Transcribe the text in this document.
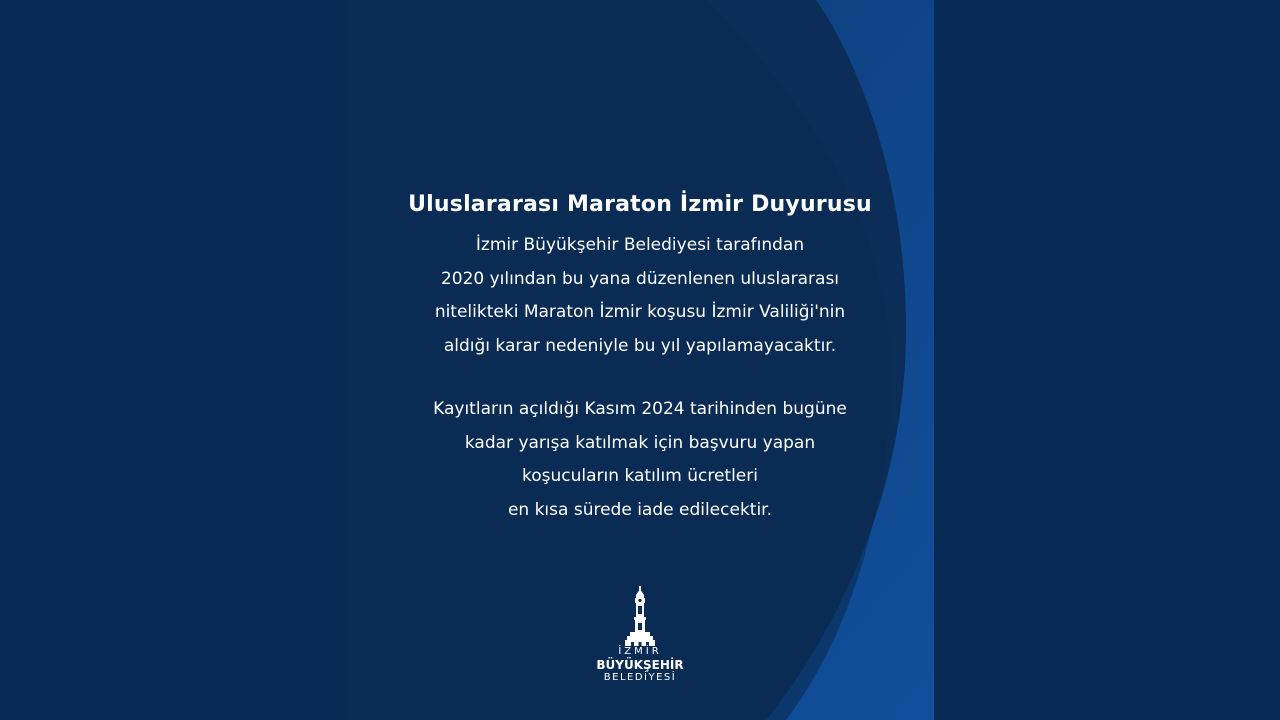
Uluslararası Maraton İzmir Duyurusu
İzmir Büyükşehir Belediyesi tarafından
2020 yılından bu yana düzenlenen uluslararası
nitelikteki Maraton İzmir koşusu İzmir Valiliği'nin
aldığı karar nedeniyle bu yıl yapılamayacaktır.
Kayıtların açıldığı Kasım 2024 tarihinden bugüne
kadar yarışa katılmak için başvuru yapan
koşucuların katılım ücretleri
en kısa sürede iade edilecektir.
İZMİR
BÜYÜKŞEHİR
BELEDİYESİ
